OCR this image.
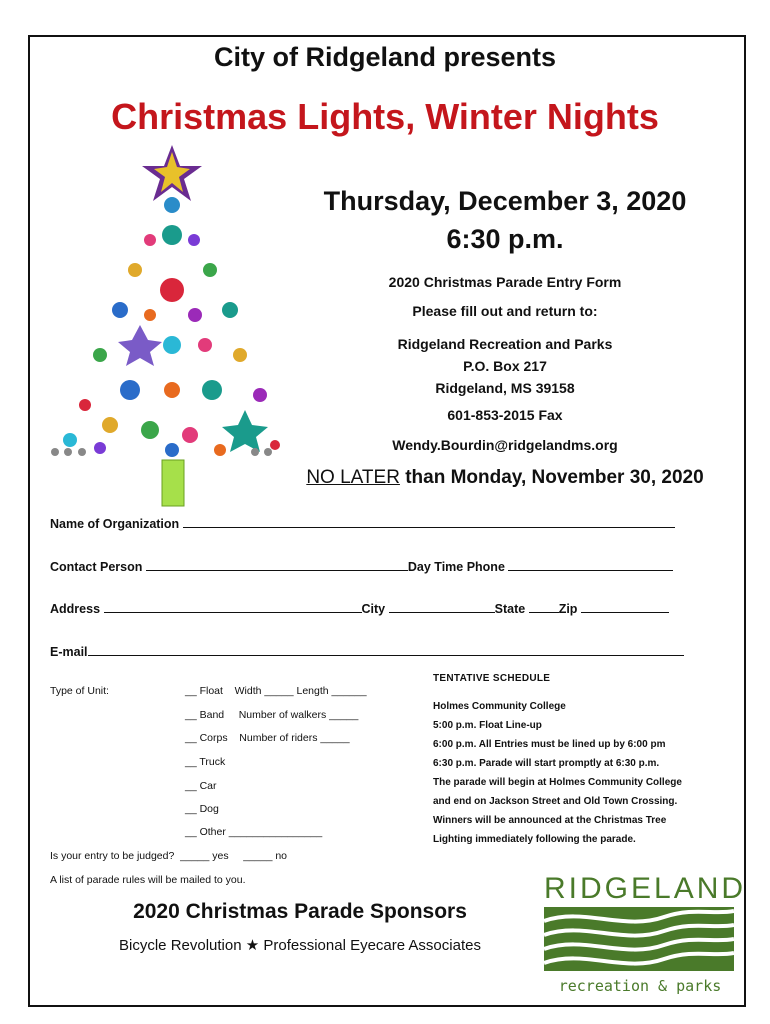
City of Ridgeland presents
Christmas Lights, Winter Nights
Thursday, December 3, 2020
6:30 p.m.
2020 Christmas Parade Entry Form
Please fill out and return to:
Ridgeland Recreation and Parks
P.O. Box 217
Ridgeland, MS 39158
601-853-2015 Fax
Wendy.Bourdin@ridgelandms.org
NO LATER than Monday, November 30, 2020
Name of Organization
Contact Person	Day Time Phone
Address	City	State	Zip
E-mail
Type of Unit:	__ Float    Width _____ Length ______
__ Band     Number of walkers _____
__ Corps    Number of riders _____
__ Truck
__ Car
__ Dog
__ Other ________________
Is your entry to be judged?  _____ yes     _____ no
A list of parade rules will be mailed to you.
TENTATIVE SCHEDULE
Holmes Community College
5:00 p.m. Float Line-up
6:00 p.m. All Entries must be lined up by 6:00 pm
6:30 p.m. Parade will start promptly at 6:30 p.m.
The parade will begin at Holmes Community College
and end on Jackson Street and Old Town Crossing.
Winners will be announced at the Christmas Tree
Lighting immediately following the parade.
2020 Christmas Parade Sponsors
Bicycle Revolution ★ Professional Eyecare Associates
RIDGELAND
recreation & parks
